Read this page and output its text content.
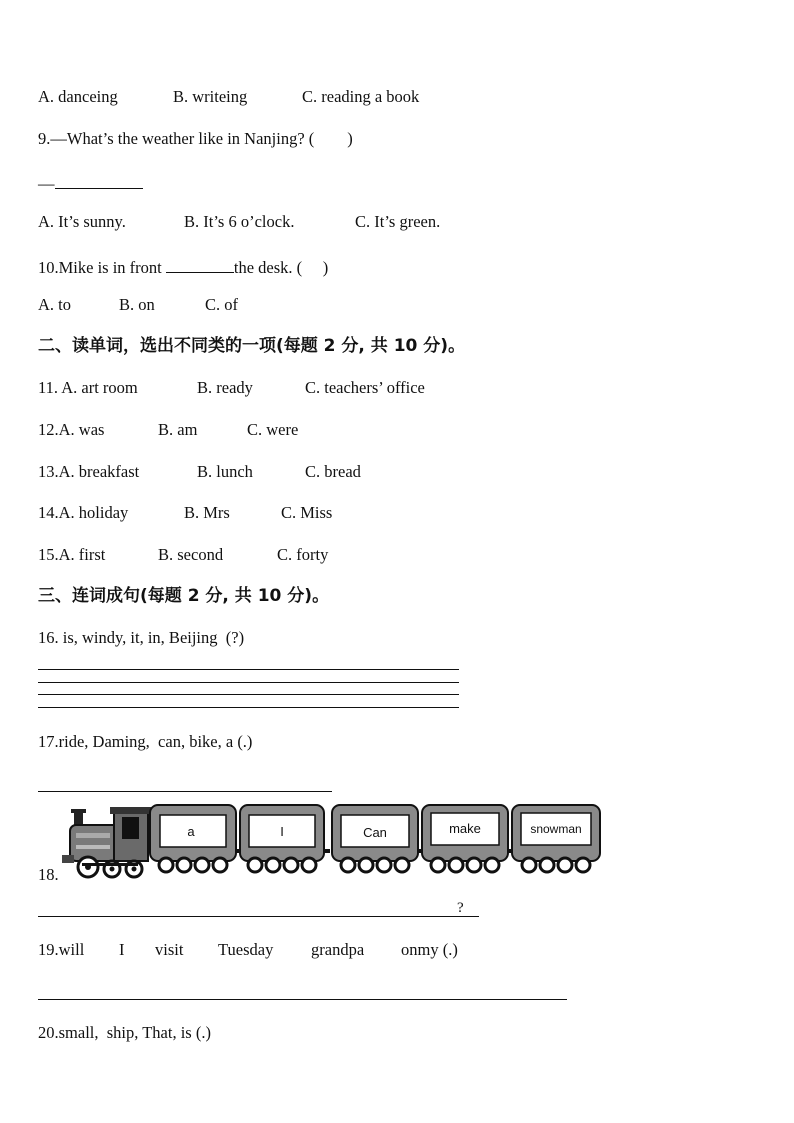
A. danceing	B. writeing	C. reading a book
9.—What’s the weather like in Nanjing? (        )
—
A. It’s sunny.	B. It’s 6 o’clock.	C. It’s green.
10.Mike is in front	the desk. (     )
A. to	B. on	C. of
二、读单词，选出不同类的一项(每题 2 分, 共 10 分)。
11. A. art room	B. ready	C. teachers’ office
12.A. was	B. am	C. were
13.A. breakfast	B. lunch	C. bread
14.A. holiday	B. Mrs	C. Miss
15.A. first	B. second	C. forty
三、连词成句(每题 2 分, 共 10 分)。
16. is, windy, it, in, Beijing  (?)
17.ride, Daming,  can, bike, a (.)
18.
a	I	Can	make	snowman
?
19.will I visit Tuesday grandpa onmy (.)
20.small,  ship, That, is (.)
